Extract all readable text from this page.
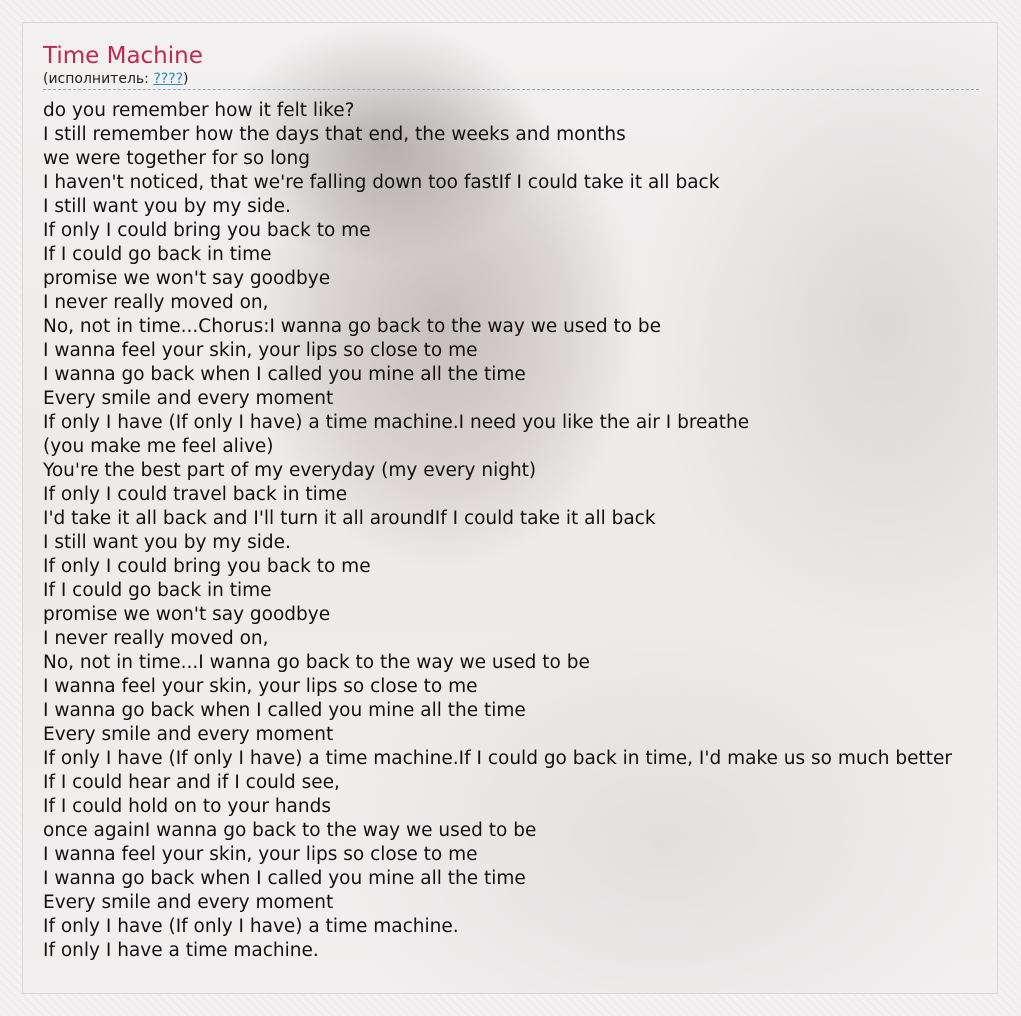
Time Machine
(исполнитель: ????)
do you remember how it felt like?
I still remember how the days that end, the weeks and months
we were together for so long
I haven't noticed, that we're falling down too fastIf I could take it all back
I still want you by my side.
If only I could bring you back to me
If I could go back in time
promise we won't say goodbye
I never really moved on,
No, not in time...Chorus:I wanna go back to the way we used to be
I wanna feel your skin, your lips so close to me
I wanna go back when I called you mine all the time
Every smile and every moment
If only I have (If only I have) a time machine.I need you like the air I breathe
(you make me feel alive)
You're the best part of my everyday (my every night)
If only I could travel back in time
I'd take it all back and I'll turn it all aroundIf I could take it all back
I still want you by my side.
If only I could bring you back to me
If I could go back in time
promise we won't say goodbye
I never really moved on,
No, not in time...I wanna go back to the way we used to be
I wanna feel your skin, your lips so close to me
I wanna go back when I called you mine all the time
Every smile and every moment
If only I have (If only I have) a time machine.If I could go back in time, I'd make us so much better
If I could hear and if I could see,
If I could hold on to your hands
once againI wanna go back to the way we used to be
I wanna feel your skin, your lips so close to me
I wanna go back when I called you mine all the time
Every smile and every moment
If only I have (If only I have) a time machine.
If only I have a time machine.
